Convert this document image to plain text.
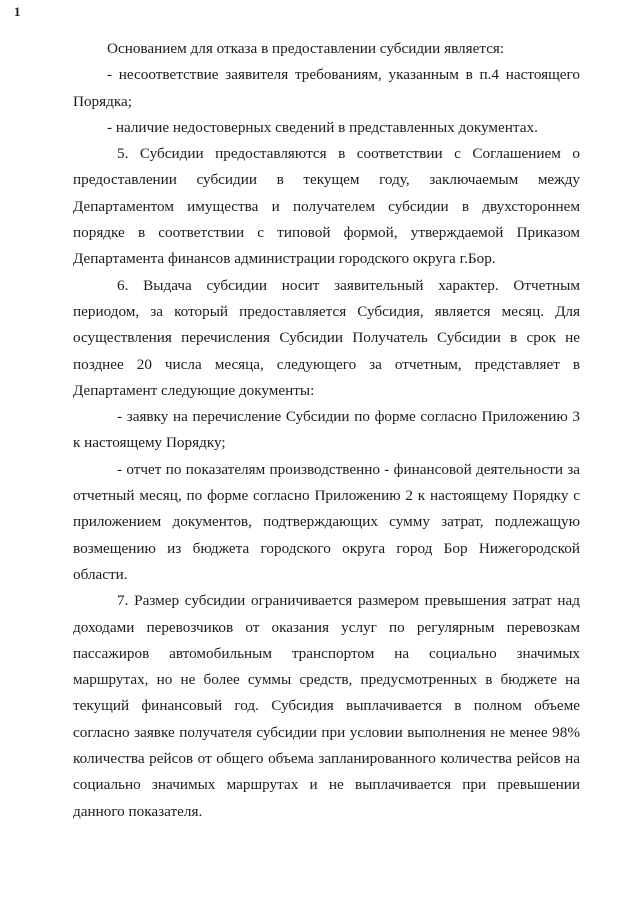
1
Основанием для отказа в предоставлении субсидии является:
- несоответствие заявителя требованиям, указанным в п.4 настоящего
Порядка;
- наличие недостоверных сведений в представленных документах.
5. Субсидии предоставляются в соответствии с Соглашением о
предоставлении субсидии в текущем году, заключаемым между
Департаментом имущества и получателем субсидии в двухстороннем
порядке в соответствии с типовой формой, утверждаемой Приказом
Департамента финансов администрации городского округа г.Бор.
6. Выдача субсидии носит заявительный характер. Отчетным
периодом, за который предоставляется Субсидия, является месяц. Для
осуществления перечисления Субсидии Получатель Субсидии в срок не
позднее 20 числа месяца, следующего за отчетным, представляет в
Департамент следующие документы:
- заявку на перечисление Субсидии по форме согласно Приложению 3
к настоящему Порядку;
- отчет по показателям производственно - финансовой деятельности за
отчетный месяц, по форме согласно Приложению 2 к настоящему Порядку с
приложением документов, подтверждающих сумму затрат, подлежащую
возмещению из бюджета городского округа город Бор Нижегородской
области.
7. Размер субсидии ограничивается размером превышения затрат над
доходами перевозчиков от оказания услуг по регулярным перевозкам
пассажиров автомобильным транспортом на социально значимых
маршрутах, но не более суммы средств, предусмотренных в бюджете на
текущий финансовый год. Субсидия выплачивается в полном объеме
согласно заявке получателя субсидии при условии выполнения не менее 98%
количества рейсов от общего объема запланированного количества рейсов на
социально значимых маршрутах и не выплачивается при превышении
данного показателя.
